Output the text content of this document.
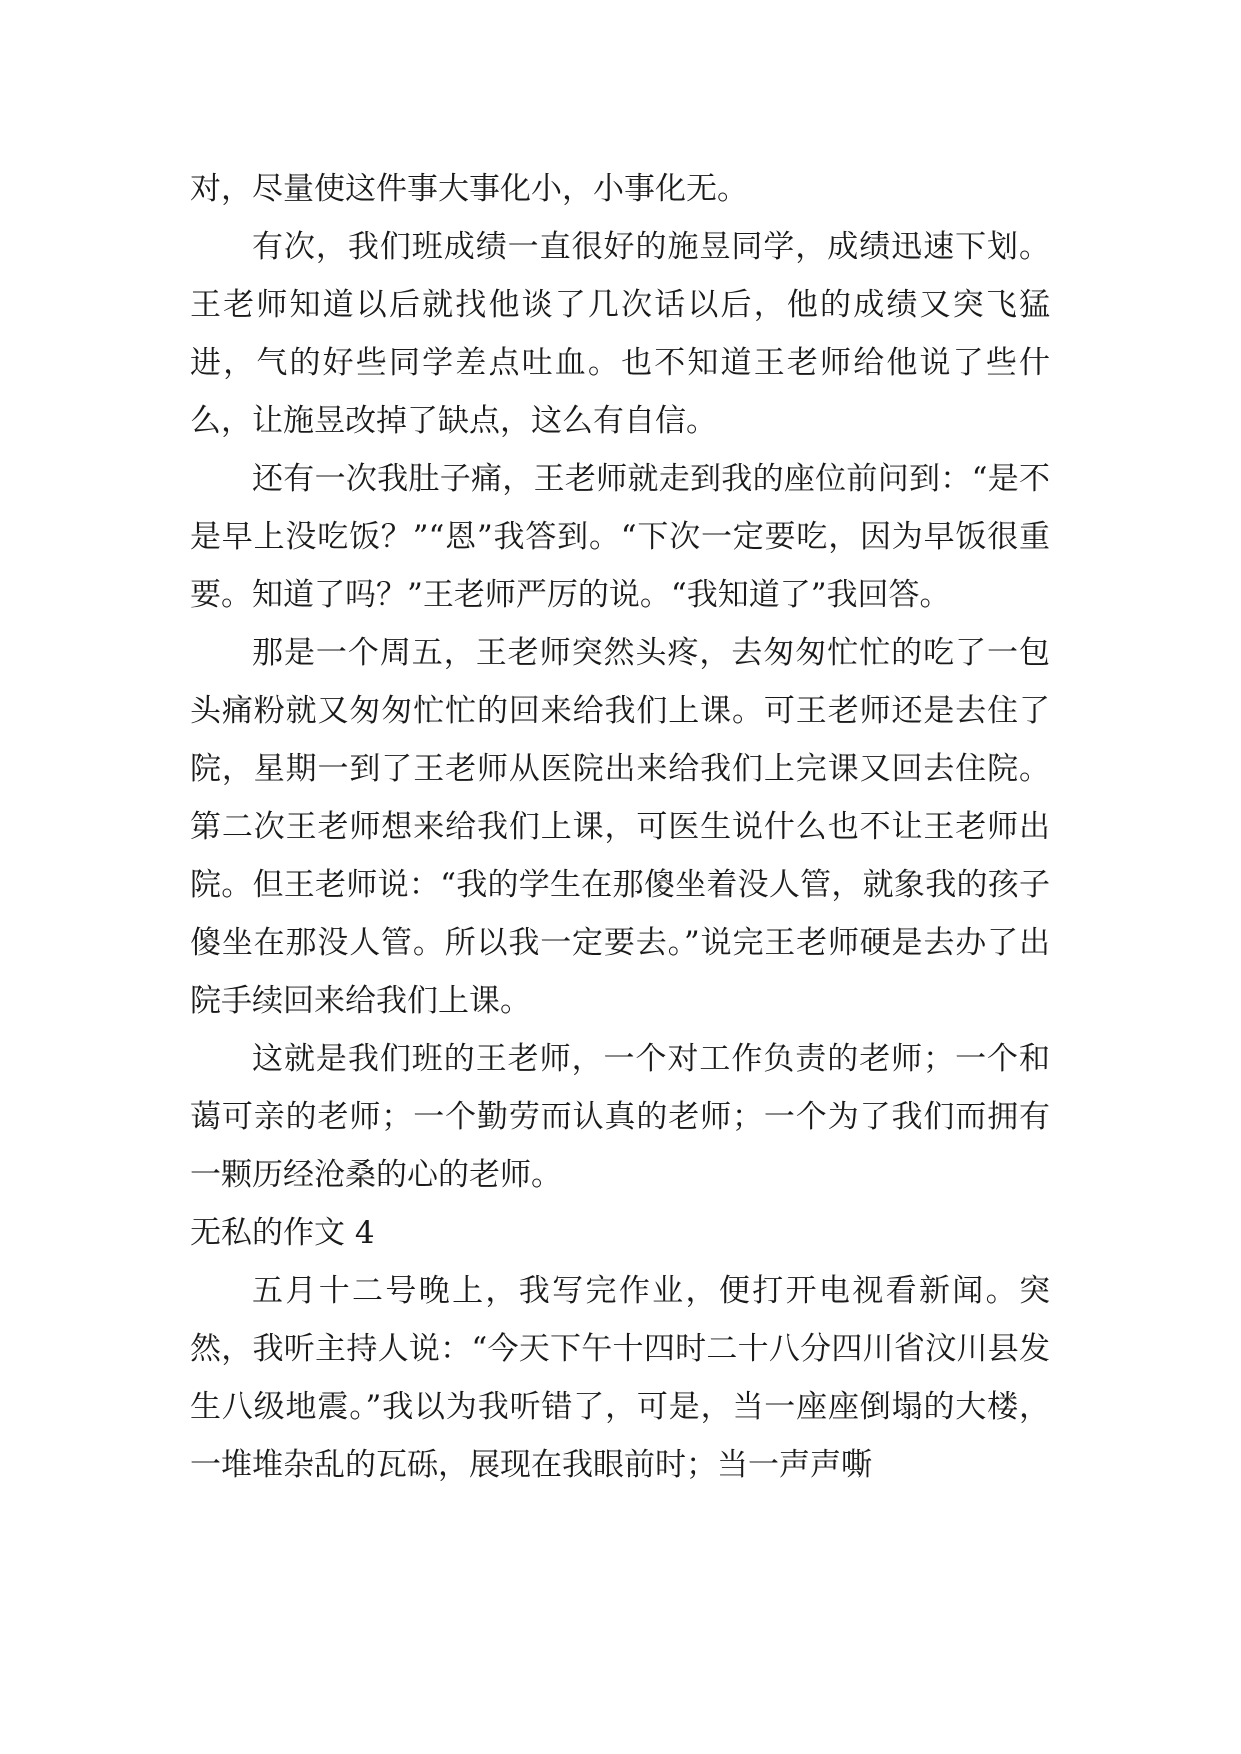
对，尽量使这件事大事化小，小事化无。

有次，我们班成绩一直很好的施昱同学，成绩迅速下划。王老师知道以后就找他谈了几次话以后，他的成绩又突飞猛进，气的好些同学差点吐血。也不知道王老师给他说了些什么，让施昱改掉了缺点，这么有自信。

还有一次我肚子痛，王老师就走到我的座位前问到：“是不是早上没吃饭？”“恩”我答到。“下次一定要吃，因为早饭很重要。知道了吗？”王老师严厉的说。“我知道了”我回答。

那是一个周五，王老师突然头疼，去匆匆忙忙的吃了一包头痛粉就又匆匆忙忙的回来给我们上课。可王老师还是去住了院，星期一到了王老师从医院出来给我们上完课又回去住院。第二次王老师想来给我们上课，可医生说什么也不让王老师出院。但王老师说：“我的学生在那傻坐着没人管，就象我的孩子傻坐在那没人管。所以我一定要去。”说完王老师硬是去办了出院手续回来给我们上课。

这就是我们班的王老师，一个对工作负责的老师；一个和蔼可亲的老师；一个勤劳而认真的老师；一个为了我们而拥有一颗历经沧桑的心的老师。

无私的作文 4

五月十二号晚上，我写完作业，便打开电视看新闻。突然，我听主持人说：“今天下午十四时二十八分四川省汶川县发生八级地震。”我以为我听错了，可是，当一座座倒塌的大楼，一堆堆杂乱的瓦砾，展现在我眼前时；当一声声嘶
